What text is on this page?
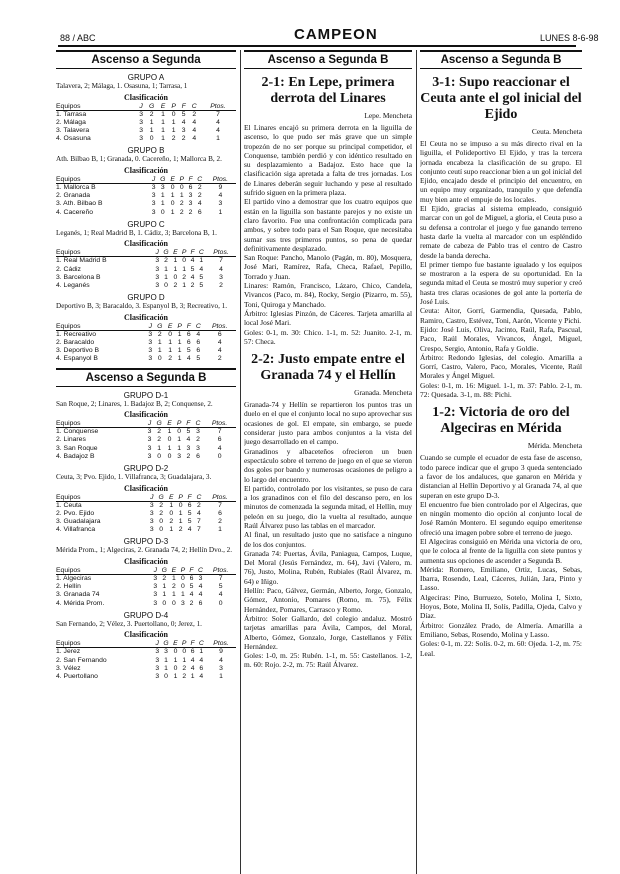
88 / ABC	CAMPEON	LUNES 8-6-98
Ascenso a Segunda
GRUPO A
Talavera, 2; Málaga, 1. Osasuna, 1; Tarrasa, 1
Clasificación
Equipos	J	G	E	P	F	C	Ptos.
1. Tarrasa	3	2	1	0	5	2	7
2. Málaga	3	1	1	1	4	4	4
3. Talavera	3	1	1	1	3	4	4
4. Osasuna	3	0	1	2	2	4	1
GRUPO B
Ath. Bilbao B, 1; Granada, 0. Cacereño, 1; Mallorca B, 2.
Clasificación
Equipos	J	G	E	P	F	C	Ptos.
1. Mallorca B	3	3	0	0	6	2	9
2. Granada	3	1	1	1	3	2	4
3. Ath. Bilbao B	3	1	0	2	3	4	3
4. Cacereño	3	0	1	2	2	6	1
GRUPO C
Leganés, 1; Real Madrid B, 1. Cádiz, 3; Barcelona B, 1.
Clasificación
Equipos	J	G	E	P	F	C	Ptos.
1. Real Madrid B	3	2	1	0	4	1	7
2. Cádiz	3	1	1	1	5	4	4
3. Barcelona B	3	1	0	2	4	5	3
4. Leganés	3	0	2	1	2	5	2
GRUPO D
Deportivo B, 3; Baracaldo, 3. Espanyol B, 3; Recreativo, 1.
Clasificación
Equipos	J	G	E	P	F	C	Ptos.
1. Recreativo	3	2	0	1	6	4	6
2. Baracaldo	3	1	1	1	6	6	4
3. Deportivo B	3	1	1	1	5	6	4
4. Espanyol B	3	0	2	1	4	5	2
Ascenso a Segunda B
GRUPO D-1
San Roque, 2; Linares, 1. Badajoz B, 2; Conquense, 2.
Clasificación
Equipos	J	G	E	P	F	C	Ptos.
1. Conquense	3	2	1	0	5	3	7
2. Linares	3	2	0	1	4	2	6
3. San Roque	3	1	1	1	3	3	4
4. Badajoz B	3	0	0	3	2	6	0
GRUPO D-2
Ceuta, 3; Pvo. Ejido, 1. Villafranca, 3; Guadalajara, 3.
Clasificación
Equipos	J	G	E	P	F	C	Ptos.
1. Ceuta	3	2	1	0	6	2	7
2. Pvo. Ejido	3	2	0	1	5	4	6
3. Guadalajara	3	0	2	1	5	7	2
4. Villafranca	3	0	1	2	4	7	1
GRUPO D-3
Mérida Prom., 1; Algeciras, 2. Granada 74, 2; Hellín Dvo., 2.
Clasificación
Equipos	J	G	E	P	F	C	Ptos.
1. Algeciras	3	2	1	0	6	3	7
2. Hellín	3	1	2	0	5	4	5
3. Granada 74	3	1	1	1	4	4	4
4. Mérida Prom.	3	0	0	3	2	6	0
GRUPO D-4
San Fernando, 2; Vélez, 3. Puertollano, 0; Jerez, 1.
Clasificación
Equipos	J	G	E	P	F	C	Ptos.
1. Jerez	3	3	0	0	6	1	9
2. San Fernando	3	1	1	1	4	4	4
3. Vélez	3	1	0	2	4	6	3
4. Puertollano	3	0	1	2	1	4	1
Ascenso a Segunda B
2-1: En Lepe, primera derrota del Linares
Lepe. Mencheta

El Linares encajó su primera derrota en la liguilla de ascenso, lo que pudo ser más grave que un simple tropezón de no ser porque su principal competidor, el Conquense, también perdió y con idéntico resultado en su desplazamiento a Badajoz. Esto hace que la clasificación siga apretada a falta de tres jornadas. Los de Linares deberán seguir luchando y pese al resultado sufrido siguen en la primera plaza.

El partido vino a demostrar que los cuatro equipos que están en la liguilla son bastante parejos y no existe un claro favorito. Fue una confrontación complicada para ambos, y sobre todo para el San Roque, que necesitaba sumar sus tres primeros puntos, so pena de quedar definitivamente desplazado.

San Roque: Pancho, Manolo (Pagán, m. 80), Mosquera, José Mari, Ramírez, Rafa, Checa, Rafael, Pepillo, Torrado y Juan.

Linares: Ramón, Francisco, Lázaro, Chico, Candela, Vivancos (Paco, m. 84), Rocky, Sergio (Pizarro, m. 55), Toni, Quiroga y Manchado.

Árbitro: Iglesias Pinzón, de Cáceres. Tarjeta amarilla al local José Mari.

Goles: 0-1, m. 30: Chico. 1-1, m. 52: Juanito. 2-1, m. 57: Checa.

2-2: Justo empate entre el Granada 74 y el Hellín
Granada. Mencheta

Granada-74 y Hellín se repartieron los puntos tras un duelo en el que el conjunto local no supo aprovechar sus ocasiones de gol. El empate, sin embargo, se puede considerar justo para ambos conjuntos a la vista del juego desarrollado en el campo.

Granadinos y albaceteños ofrecieron un buen espectáculo sobre el terreno de juego en el que se vieron dos goles por bando y numerosas ocasiones de peligro a lo largo del encuentro.

El partido, controlado por los visitantes, se puso de cara a los granadinos con el filo del descanso pero, en los minutos de comenzada la segunda mitad, el Hellín, muy peleón en su juego, dio la vuelta al resultado, aunque Raúl Álvarez puso las tablas en el marcador.

Al final, un resultado justo que no satisface a ninguno de los dos conjuntos.

Granada 74: Puertas, Ávila, Paniagua, Campos, Luque, Del Moral (Jesús Fernández, m. 64), Javi (Valero, m. 76), Justo, Molina, Rubén, Rubiales (Raúl Álvarez, m. 64) e Iñigo.

Hellín: Paco, Gálvez, Germán, Alberto, Jorge, Gonzalo, Gómez, Antonio, Pomares (Romo, m. 75), Félix Hernández, Pomares, Carrasco y Romo.

Árbitro: Soler Gallardo, del colegio andaluz. Mostró tarjetas amarillas para Ávila, Campos, del Moral, Alberto, Gómez, Gonzalo, Jorge, Castellanos y Félix Hernández.

Goles: 1-0, m. 25: Rubén. 1-1, m. 55: Castellanos. 1-2, m. 60: Rojo. 2-2, m. 75: Raúl Álvarez.

Ascenso a Segunda B
3-1: Supo reaccionar el Ceuta ante el gol inicial del Ejido
Ceuta. Mencheta

El Ceuta no se impuso a su más directo rival en la liguilla, el Polideportivo El Ejido, y tras la tercera jornada encabeza la clasificación de su grupo. El conjunto ceutí supo reaccionar bien a un gol inicial del Ejido, encajado desde el principio del encuentro, en un equipo muy organizado, tranquilo y que defendía muy bien ante el empuje de los locales.

El Ejido, gracias al sistema empleado, consiguió marcar con un gol de Miguel, a gloria, el Ceuta puso a su defensa a controlar el juego y fue ganando terreno hasta darle la vuelta al marcador con un espléndido remate de cabeza de Pablo tras el centro de Castro desde la banda derecha.

El primer tiempo fue bastante igualado y los equipos se mostraron a la espera de su oportunidad. En la segunda mitad el Ceuta se mostró muy superior y creó hasta tres claras ocasiones de gol ante la portería de José Luis.

Ceuta: Aitor, Gorrí, Garmendia, Quesada, Pablo, Ramiro, Castro, Estévez, Toni, Aarón, Vicente y Pichi.

Ejido: José Luis, Oliva, Jacinto, Raúl, Rafa, Pascual, Paco, Raúl Morales, Vivancos, Ángel, Miguel, Crespo, Sergio, Antonio, Rafa y Goldie.

Árbitro: Redondo Iglesias, del colegio. Amarilla a Gorrí, Castro, Valero, Paco, Morales, Vicente, Raúl Morales y Ángel Miguel.

Goles: 0-1, m. 16: Miguel. 1-1, m. 37: Pablo. 2-1, m. 72: Quesada. 3-1, m. 88: Pichi.

1-2: Victoria de oro del Algeciras en Mérida
Mérida. Mencheta

Cuando se cumple el ecuador de esta fase de ascenso, todo parece indicar que el grupo 3 queda sentenciado a favor de los andaluces, que ganaron en Mérida y distancian al Hellín Deportivo y al Granada 74, al que superan en este grupo D-3.

El encuentro fue bien controlado por el Algeciras, que en ningún momento dio opción al conjunto local de José Ramón Montero. El segundo equipo emeritense ofreció una imagen pobre sobre el terreno de juego.

El Algeciras consiguió en Mérida una victoria de oro, que le coloca al frente de la liguilla con siete puntos y aumenta sus opciones de ascender a Segunda B.

Mérida: Romero, Emiliano, Ortiz, Lucas, Sebas, Ibarra, Rosendo, Leal, Cáceres, Julián, Jara, Pinto y Lasso.

Algeciras: Pino, Burruezo, Sotelo, Molina I, Sixto, Hoyos, Bote, Molina II, Solís, Padilla, Ojeda, Calvo y Díaz.

Árbitro: González Prado, de Almería. Amarilla a Emiliano, Sebas, Rosendo, Molina y Lasso.

Goles: 0-1, m. 22: Solís. 0-2, m. 60: Ojeda. 1-2, m. 75: Leal.
